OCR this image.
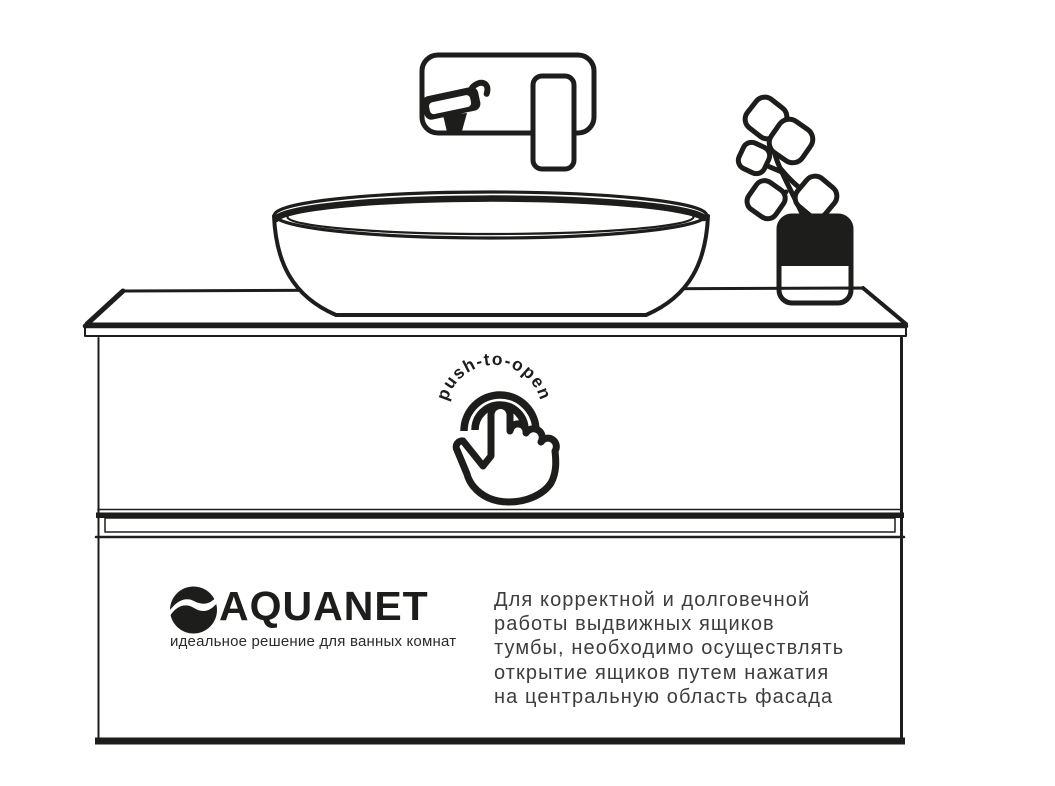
push-to-open
AQUANET
идеальное решение для ванных комнат
Для корректной и долговечной
работы выдвижных ящиков
тумбы, необходимо осуществлять
открытие ящиков путем нажатия
на центральную область фасада
